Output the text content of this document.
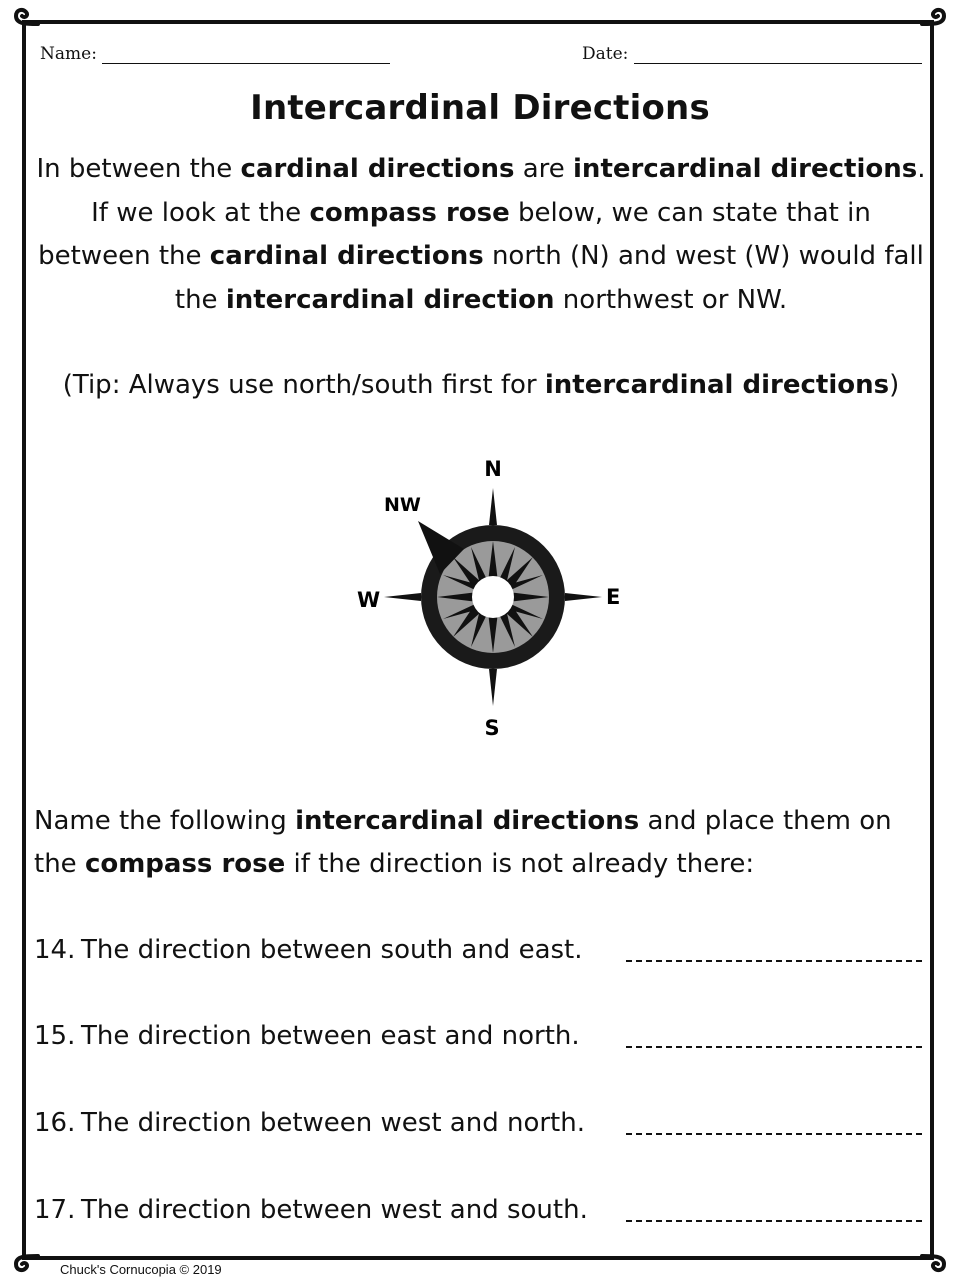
Name:	Date:
Intercardinal Directions
In between the cardinal directions are intercardinal directions. If we look at the compass rose below, we can state that in between the cardinal directions north (N) and west (W) would fall the intercardinal direction northwest or NW.
(Tip: Always use north/south first for intercardinal directions)
N
S
E
W
NW
Name the following intercardinal directions and place them on the compass rose if the direction is not already there:
14. The direction between south and east.
15. The direction between east and north.
16. The direction between west and north.
17. The direction between west and south.
Chuck's Cornucopia © 2019
